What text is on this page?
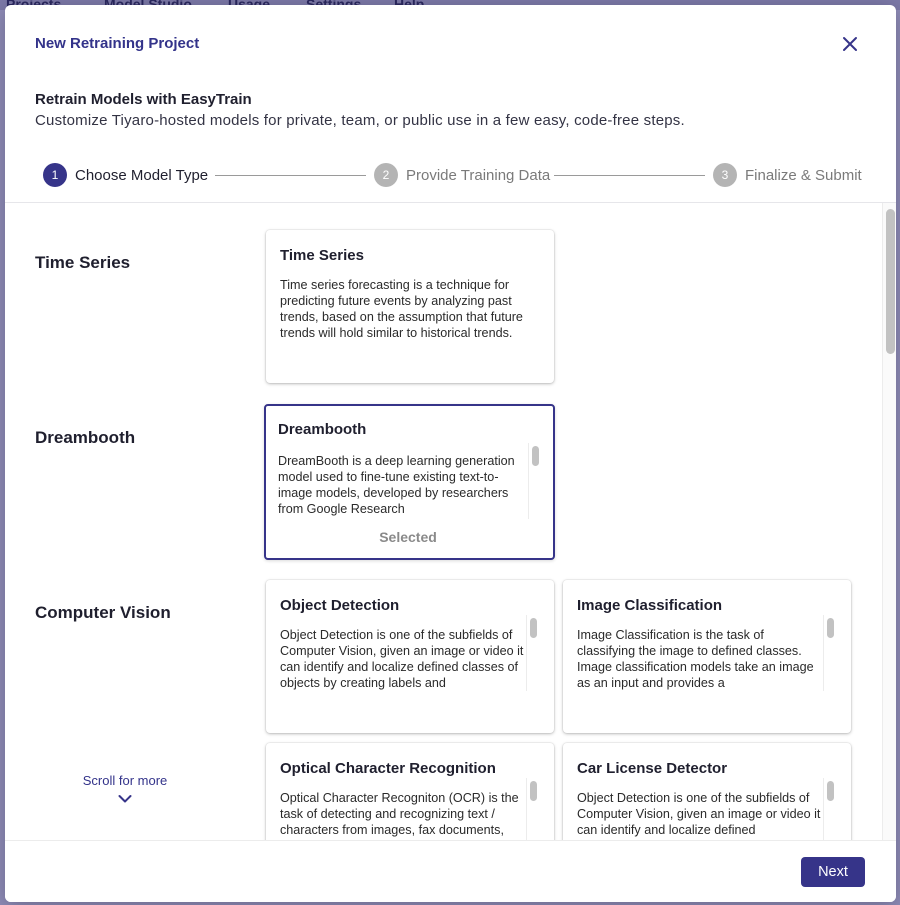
New Retraining Project
Retrain Models with EasyTrain
Customize Tiyaro-hosted models for private, team, or public use in a few easy, code-free steps.
1	Choose Model Type	2	Provide Training Data	3	Finalize & Submit
Time Series	Time Series
Time series forecasting is a technique for predicting future events by analyzing past trends, based on the assumption that future trends will hold similar to historical trends.
Dreambooth	Dreambooth
DreamBooth is a deep learning generation model used to fine-tune existing text-to-image models, developed by researchers from Google Research
Selected
Computer Vision	Object Detection
Object Detection is one of the subfields of Computer Vision, given an image or video it can identify and localize defined classes of objects by creating labels and
Image Classification
Image Classification is the task of classifying the image to defined classes. Image classification models take an image as an input and provides a
Optical Character Recognition
Optical Character Recogniton (OCR) is the task of detecting and recognizing text / characters from images, fax documents,
Car License Detector
Object Detection is one of the subfields of Computer Vision, given an image or video it can identify and localize defined
Scroll for more
Next
